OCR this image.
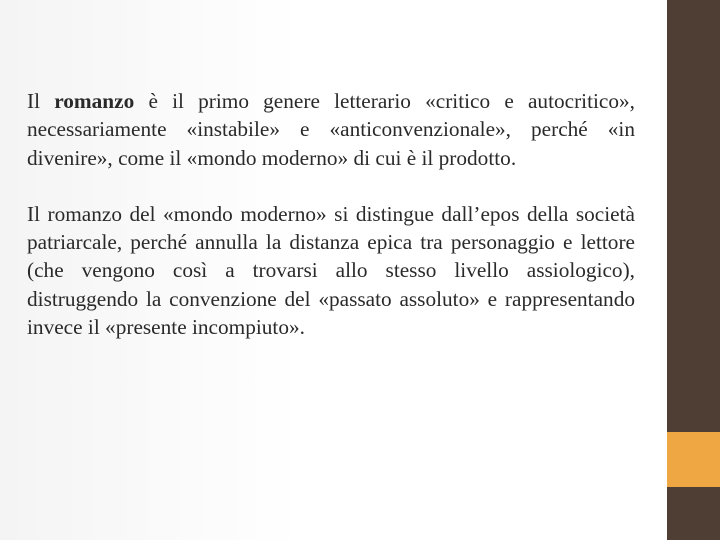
Il romanzo è il primo genere letterario «critico e autocritico», necessariamente «instabile» e «anticonvenzionale», perché «in divenire», come il «mondo moderno» di cui è il prodotto.

Il romanzo del «mondo moderno» si distingue dall’epos della società patriarcale, perché annulla la distanza epica tra personaggio e lettore (che vengono così a trovarsi allo stesso livello assiologico), distruggendo la convenzione del «passato assoluto» e rappresentando invece il «presente incompiuto».
